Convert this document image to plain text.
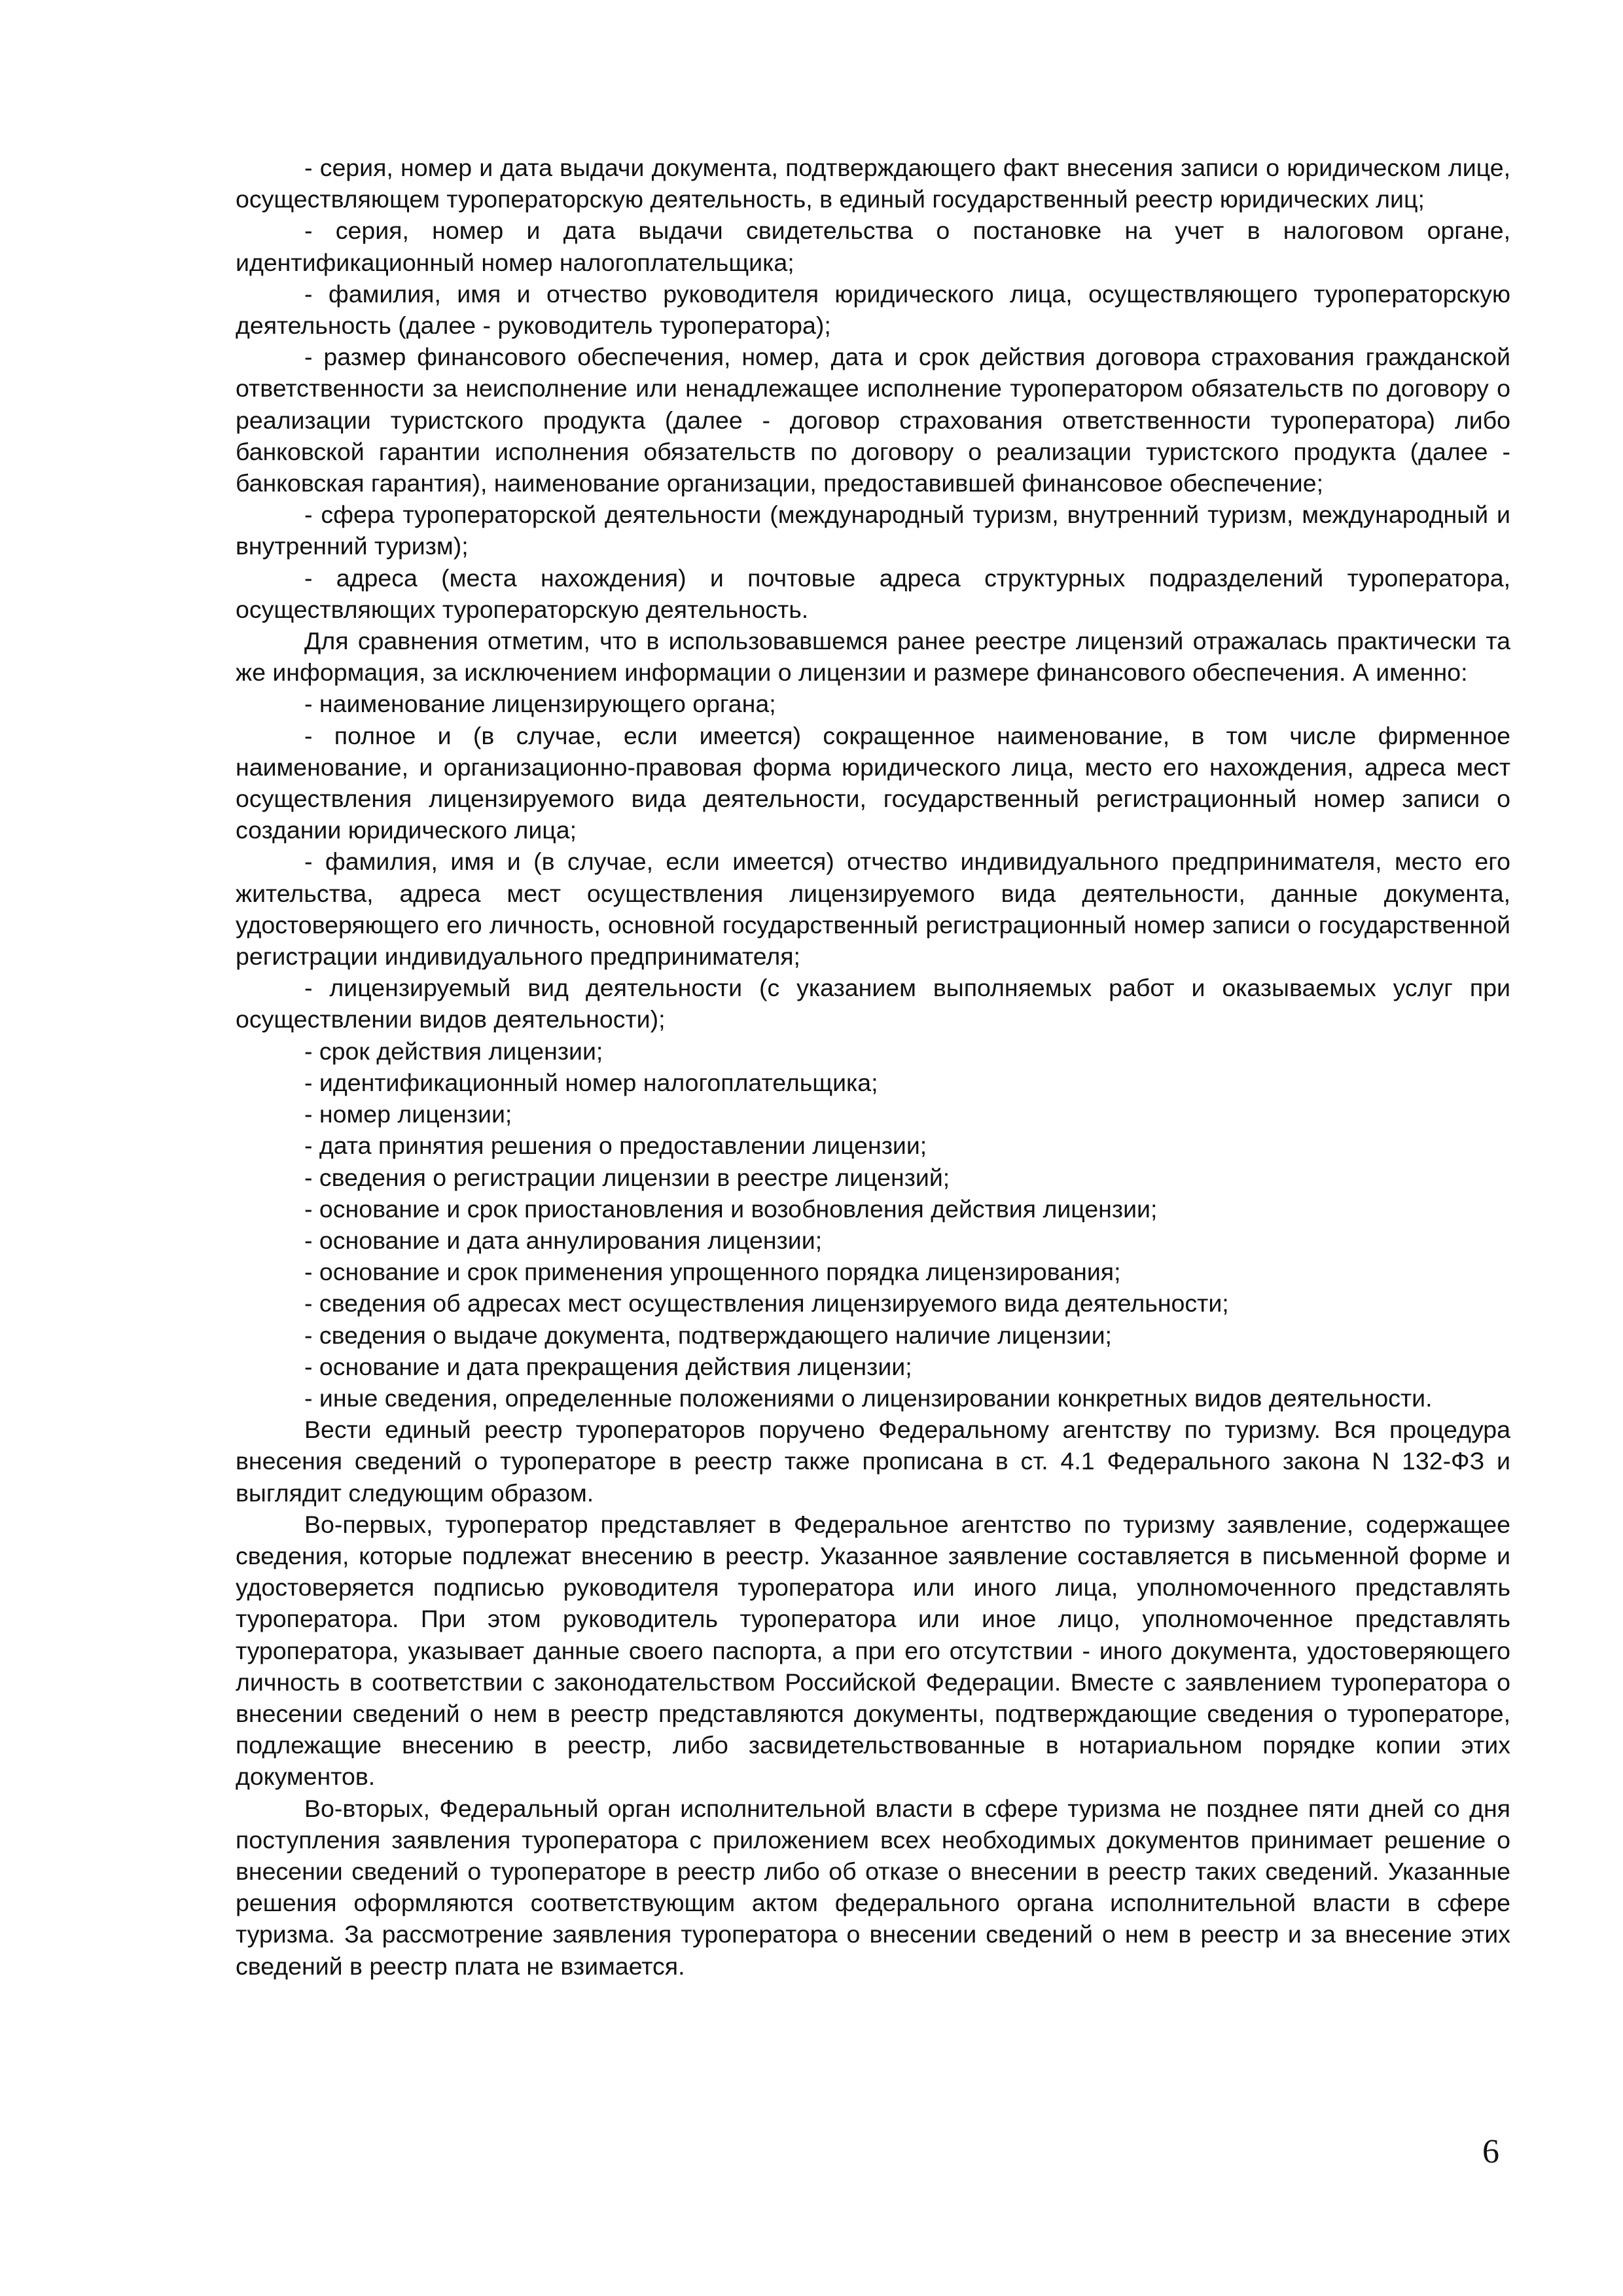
- серия, номер и дата выдачи документа, подтверждающего факт внесения записи о юридическом лице, осуществляющем туроператорскую деятельность, в единый государственный реестр юридических лиц;

- серия, номер и дата выдачи свидетельства о постановке на учет в налоговом органе, идентификационный номер налогоплательщика;

- фамилия, имя и отчество руководителя юридического лица, осуществляющего туроператорскую деятельность (далее - руководитель туроператора);

- размер финансового обеспечения, номер, дата и срок действия договора страхования гражданской ответственности за неисполнение или ненадлежащее исполнение туроператором обязательств по договору о реализации туристского продукта (далее - договор страхования ответственности туроператора) либо банковской гарантии исполнения обязательств по договору о реализации туристского продукта (далее - банковская гарантия), наименование организации, предоставившей финансовое обеспечение;

- сфера туроператорской деятельности (международный туризм, внутренний туризм, международный и внутренний туризм);

- адреса (места нахождения) и почтовые адреса структурных подразделений туроператора, осуществляющих туроператорскую деятельность.

Для сравнения отметим, что в использовавшемся ранее реестре лицензий отражалась практически та же информация, за исключением информации о лицензии и размере финансового обеспечения. А именно:

- наименование лицензирующего органа;

- полное и (в случае, если имеется) сокращенное наименование, в том числе фирменное наименование, и организационно-правовая форма юридического лица, место его нахождения, адреса мест осуществления лицензируемого вида деятельности, государственный регистрационный номер записи о создании юридического лица;

- фамилия, имя и (в случае, если имеется) отчество индивидуального предпринимателя, место его жительства, адреса мест осуществления лицензируемого вида деятельности, данные документа, удостоверяющего его личность, основной государственный регистрационный номер записи о государственной регистрации индивидуального предпринимателя;

- лицензируемый вид деятельности (с указанием выполняемых работ и оказываемых услуг при осуществлении видов деятельности);

- срок действия лицензии;

- идентификационный номер налогоплательщика;

- номер лицензии;

- дата принятия решения о предоставлении лицензии;

- сведения о регистрации лицензии в реестре лицензий;

- основание и срок приостановления и возобновления действия лицензии;

- основание и дата аннулирования лицензии;

- основание и срок применения упрощенного порядка лицензирования;

- сведения об адресах мест осуществления лицензируемого вида деятельности;

- сведения о выдаче документа, подтверждающего наличие лицензии;

- основание и дата прекращения действия лицензии;

- иные сведения, определенные положениями о лицензировании конкретных видов деятельности.

Вести единый реестр туроператоров поручено Федеральному агентству по туризму. Вся процедура внесения сведений о туроператоре в реестр также прописана в ст. 4.1 Федерального закона N 132-ФЗ и выглядит следующим образом.

Во-первых, туроператор представляет в Федеральное агентство по туризму заявление, содержащее сведения, которые подлежат внесению в реестр. Указанное заявление составляется в письменной форме и удостоверяется подписью руководителя туроператора или иного лица, уполномоченного представлять туроператора. При этом руководитель туроператора или иное лицо, уполномоченное представлять туроператора, указывает данные своего паспорта, а при его отсутствии - иного документа, удостоверяющего личность в соответствии с законодательством Российской Федерации. Вместе с заявлением туроператора о внесении сведений о нем в реестр представляются документы, подтверждающие сведения о туроператоре, подлежащие внесению в реестр, либо засвидетельствованные в нотариальном порядке копии этих документов.

Во-вторых, Федеральный орган исполнительной власти в сфере туризма не позднее пяти дней со дня поступления заявления туроператора с приложением всех необходимых документов принимает решение о внесении сведений о туроператоре в реестр либо об отказе о внесении в реестр таких сведений. Указанные решения оформляются соответствующим актом федерального органа исполнительной власти в сфере туризма. За рассмотрение заявления туроператора о внесении сведений о нем в реестр и за внесение этих сведений в реестр плата не взимается.

6
